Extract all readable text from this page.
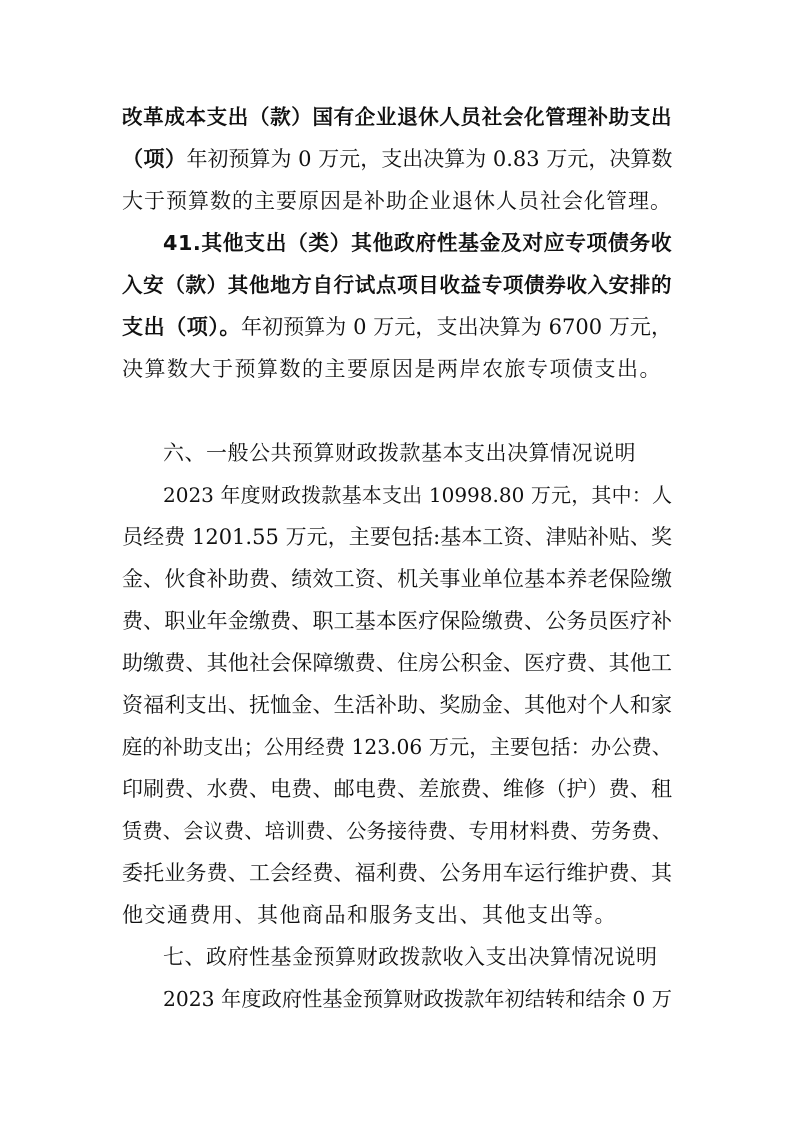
改革成本支出（款）国有企业退休人员社会化管理补助支出
（项）年初预算为 0 万元，支出决算为 0.83 万元，决算数
大于预算数的主要原因是补助企业退休人员社会化管理。
41.其他支出（类）其他政府性基金及对应专项债务收
入安（款）其他地方自行试点项目收益专项债券收入安排的
支出（项）。年初预算为 0 万元，支出决算为 6700 万元，
决算数大于预算数的主要原因是两岸农旅专项债支出。
六、一般公共预算财政拨款基本支出决算情况说明
2023 年度财政拨款基本支出 10998.80 万元，其中：人
员经费 1201.55 万元，主要包括:基本工资、津贴补贴、奖
金、伙食补助费、绩效工资、机关事业单位基本养老保险缴
费、职业年金缴费、职工基本医疗保险缴费、公务员医疗补
助缴费、其他社会保障缴费、住房公积金、医疗费、其他工
资福利支出、抚恤金、生活补助、奖励金、其他对个人和家
庭的补助支出；公用经费 123.06 万元，主要包括：办公费、
印刷费、水费、电费、邮电费、差旅费、维修（护）费、租
赁费、会议费、培训费、公务接待费、专用材料费、劳务费、
委托业务费、工会经费、福利费、公务用车运行维护费、其
他交通费用、其他商品和服务支出、其他支出等。
七、政府性基金预算财政拨款收入支出决算情况说明
2023 年度政府性基金预算财政拨款年初结转和结余 0 万
